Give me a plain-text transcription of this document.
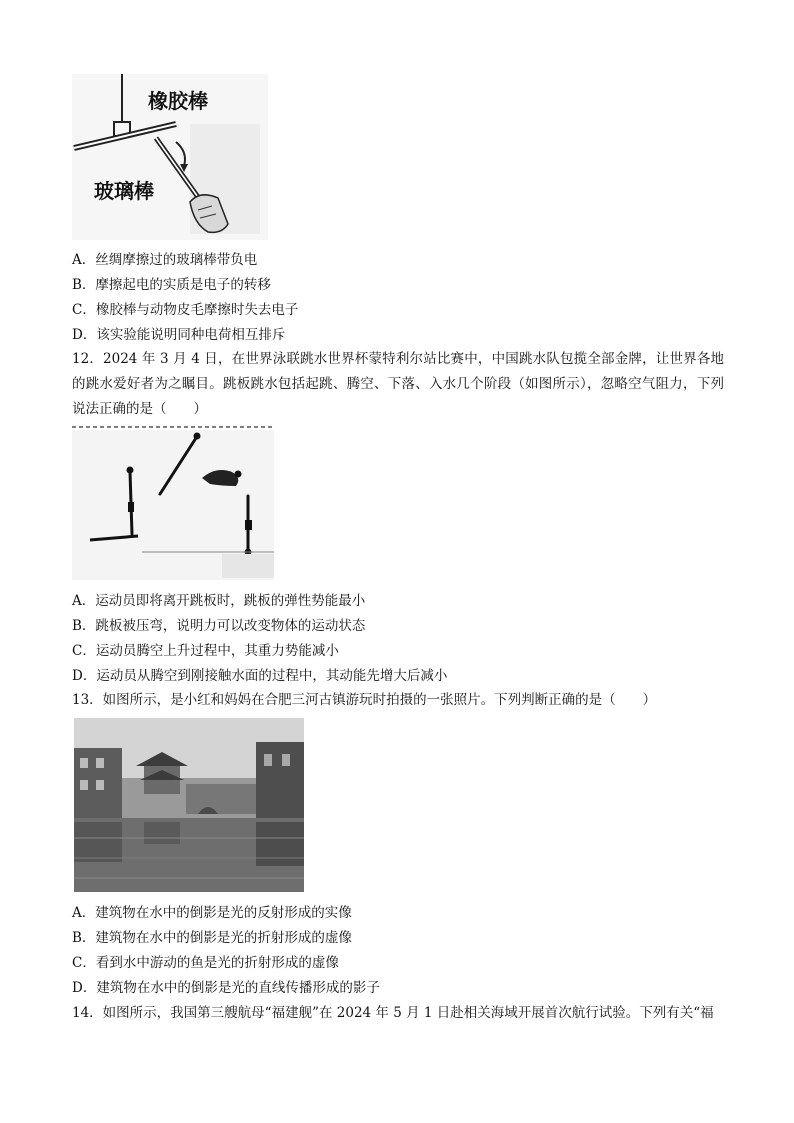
橡胶棒
玻璃棒
A．丝绸摩擦过的玻璃棒带负电
B．摩擦起电的实质是电子的转移
C．橡胶棒与动物皮毛摩擦时失去电子
D．该实验能说明同种电荷相互排斥
12．2024 年 3 月 4 日，在世界泳联跳水世界杯蒙特利尔站比赛中，中国跳水队包揽全部金牌，让世界各地的跳水爱好者为之瞩目。跳板跳水包括起跳、腾空、下落、入水几个阶段（如图所示），忽略空气阻力，下列说法正确的是（　　）
A．运动员即将离开跳板时，跳板的弹性势能最小
B．跳板被压弯，说明力可以改变物体的运动状态
C．运动员腾空上升过程中，其重力势能减小
D．运动员从腾空到刚接触水面的过程中，其动能先增大后减小
13．如图所示，是小红和妈妈在合肥三河古镇游玩时拍摄的一张照片。下列判断正确的是（　　）
A．建筑物在水中的倒影是光的反射形成的实像
B．建筑物在水中的倒影是光的折射形成的虚像
C．看到水中游动的鱼是光的折射形成的虚像
D．建筑物在水中的倒影是光的直线传播形成的影子
14．如图所示，我国第三艘航母“福建舰”在 2024 年 5 月 1 日赴相关海域开展首次航行试验。下列有关“福
